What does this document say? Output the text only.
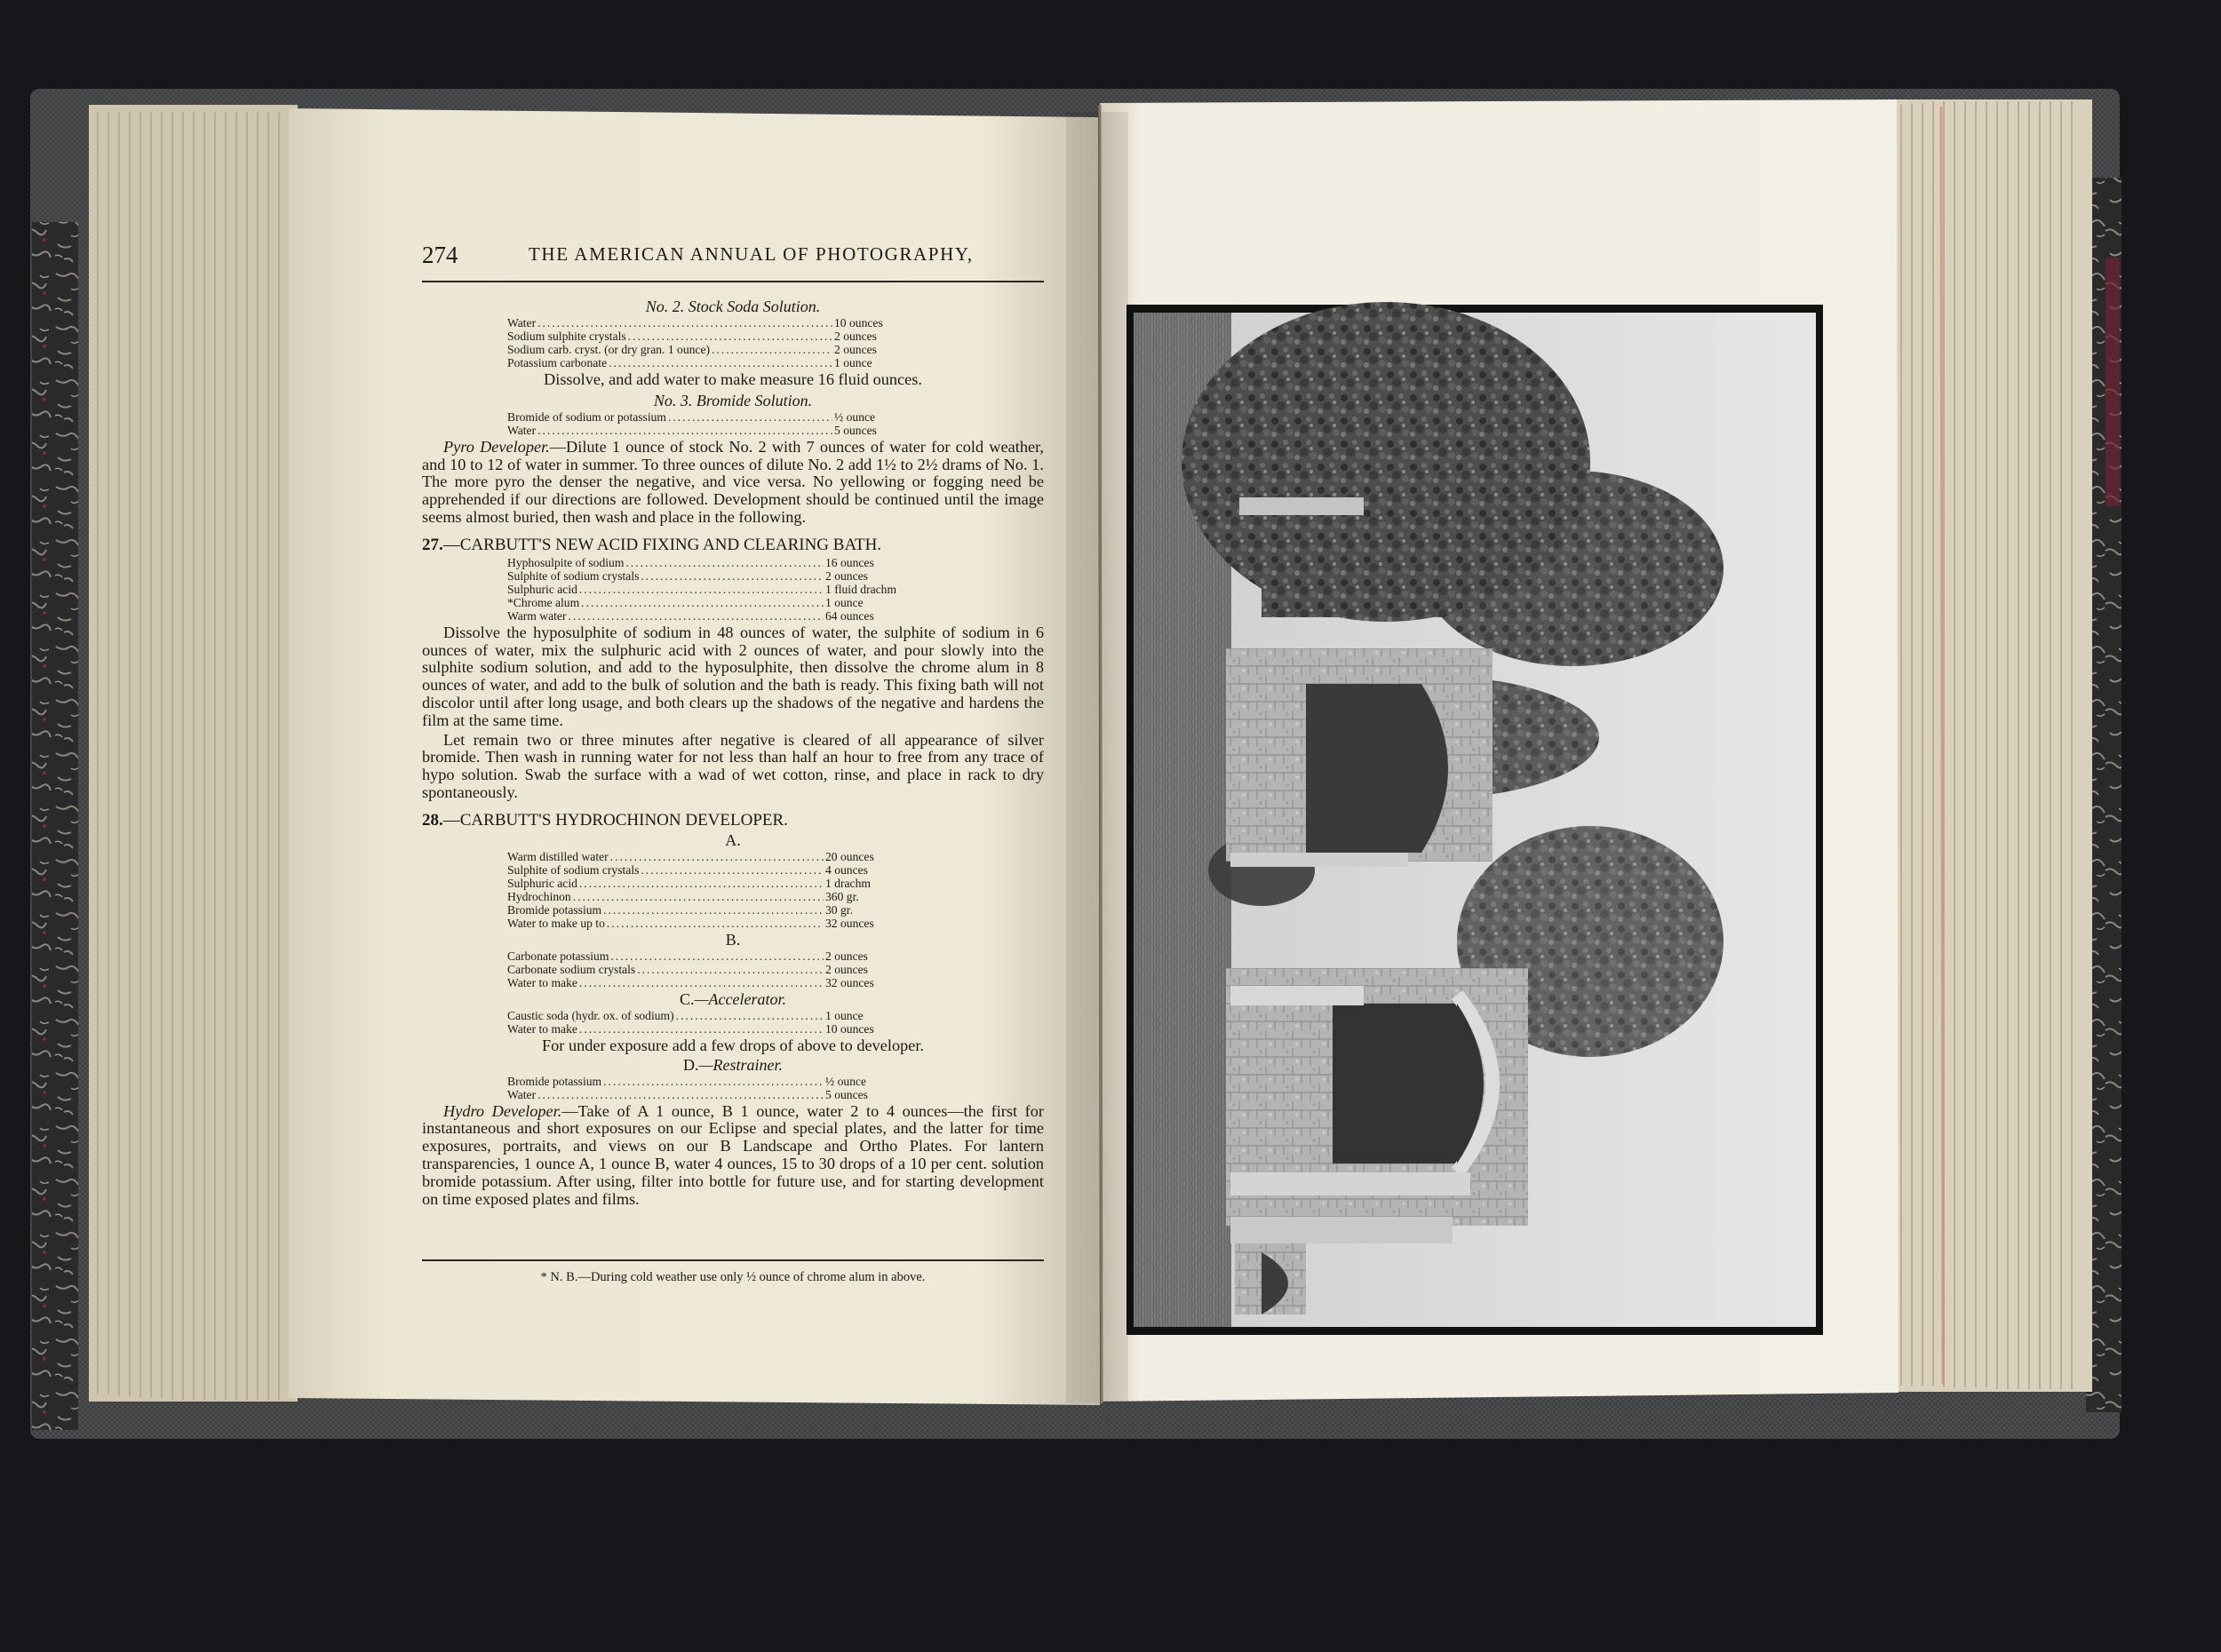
274	THE AMERICAN ANNUAL OF PHOTOGRAPHY,
No. 2. Stock Soda Solution.
Water .....	10 ounces
Sodium sulphite crystals .....	2 ounces
Sodium carb. cryst. (or dry gran. 1 ounce) .....	2 ounces
Potassium carbonate .....	1 ounce
Dissolve, and add water to make measure 16 fluid ounces.
No. 3. Bromide Solution.
Bromide of sodium or potassium .....	½ ounce
Water .....	5 ounces
Pyro Developer.—Dilute 1 ounce of stock No. 2 with 7 ounces of water for cold weather, and 10 to 12 of water in summer. To three ounces of dilute No. 2 add 1½ to 2½ drams of No. 1. The more pyro the denser the negative, and vice versa. No yellowing or fogging need be apprehended if our directions are followed. Development should be continued until the image seems almost buried, then wash and place in the following.
27.—CARBUTT'S NEW ACID FIXING AND CLEARING BATH.
Hyphosulpite of sodium .....	16 ounces
Sulphite of sodium crystals .....	2 ounces
Sulphuric acid .....	1 fluid drachm
*Chrome alum .....	1 ounce
Warm water .....	64 ounces
Dissolve the hyposulphite of sodium in 48 ounces of water, the sulphite of sodium in 6 ounces of water, mix the sulphuric acid with 2 ounces of water, and pour slowly into the sulphite sodium solution, and add to the hyposulphite, then dissolve the chrome alum in 8 ounces of water, and add to the bulk of solution and the bath is ready. This fixing bath will not discolor until after long usage, and both clears up the shadows of the negative and hardens the film at the same time.
Let remain two or three minutes after negative is cleared of all appearance of silver bromide. Then wash in running water for not less than half an hour to free from any trace of hypo solution. Swab the surface with a wad of wet cotton, rinse, and place in rack to dry spontaneously.
28.—CARBUTT'S HYDROCHINON DEVELOPER.
A.
Warm distilled water .....	20 ounces
Sulphite of sodium crystals .....	4 ounces
Sulphuric acid .....	1 drachm
Hydrochinon .....	360 gr.
Bromide potassium .....	30 gr.
Water to make up to .....	32 ounces
B.
Carbonate potassium .....	2 ounces
Carbonate sodium crystals .....	2 ounces
Water to make .....	32 ounces
C.—Accelerator.
Caustic soda (hydr. ox. of sodium) .....	1 ounce
Water to make .....	10 ounces
For under exposure add a few drops of above to developer.
D.—Restrainer.
Bromide potassium .....	½ ounce
Water .....	5 ounces
Hydro Developer.—Take of A 1 ounce, B 1 ounce, water 2 to 4 ounces—the first for instantaneous and short exposures on our Eclipse and special plates, and the latter for time exposures, portraits, and views on our B Landscape and Ortho Plates. For lantern transparencies, 1 ounce A, 1 ounce B, water 4 ounces, 15 to 30 drops of a 10 per cent. solution bromide potassium. After using, filter into bottle for future use, and for starting development on time exposed plates and films.
* N. B.—During cold weather use only ½ ounce of chrome alum in above.
